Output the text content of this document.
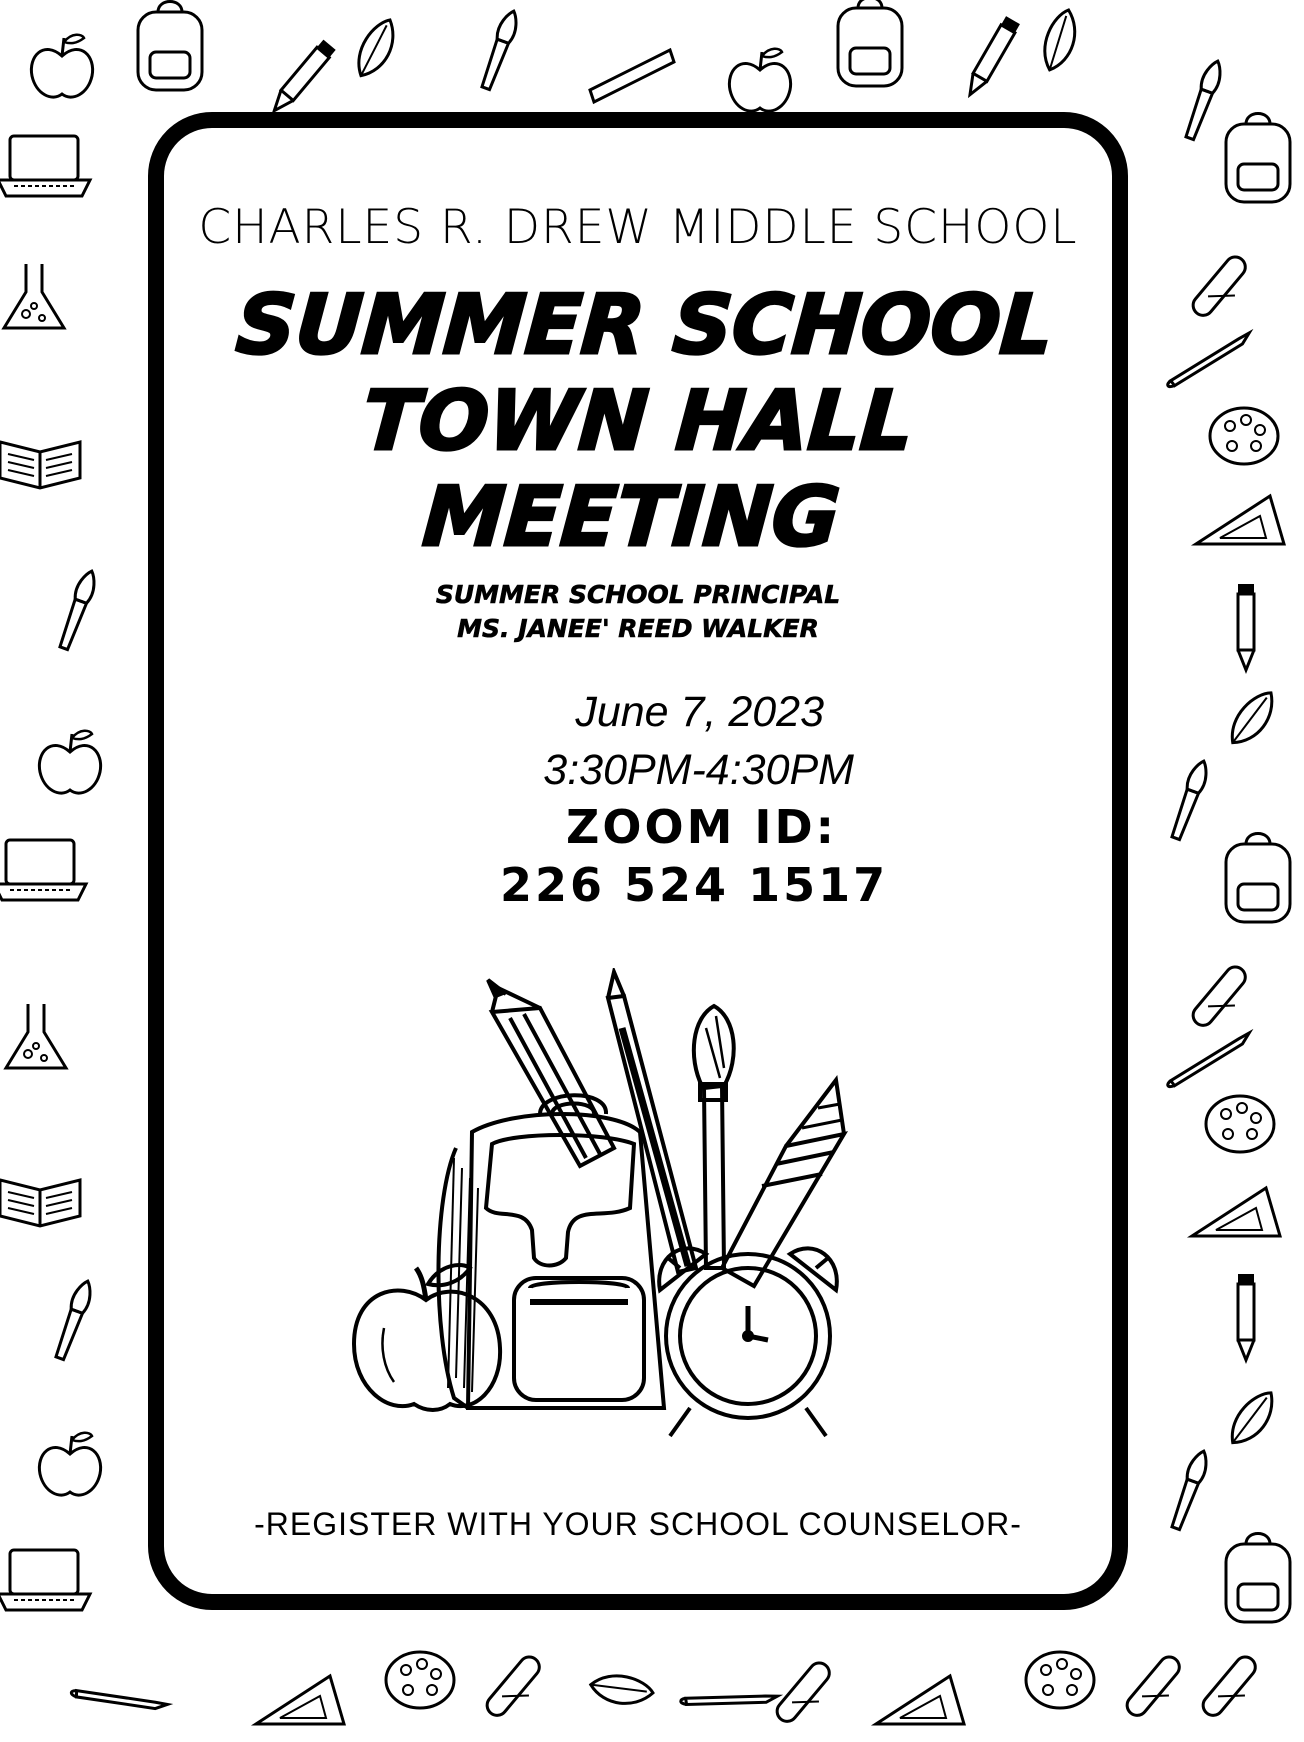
CHARLES R. DREW MIDDLE SCHOOL
SUMMER SCHOOL
TOWN HALL
MEETING
SUMMER SCHOOL PRINCIPAL
MS. JANEE' REED WALKER
June 7, 2023
3:30PM-4:30PM
ZOOM ID:
226 524 1517
-REGISTER WITH YOUR SCHOOL COUNSELOR-
